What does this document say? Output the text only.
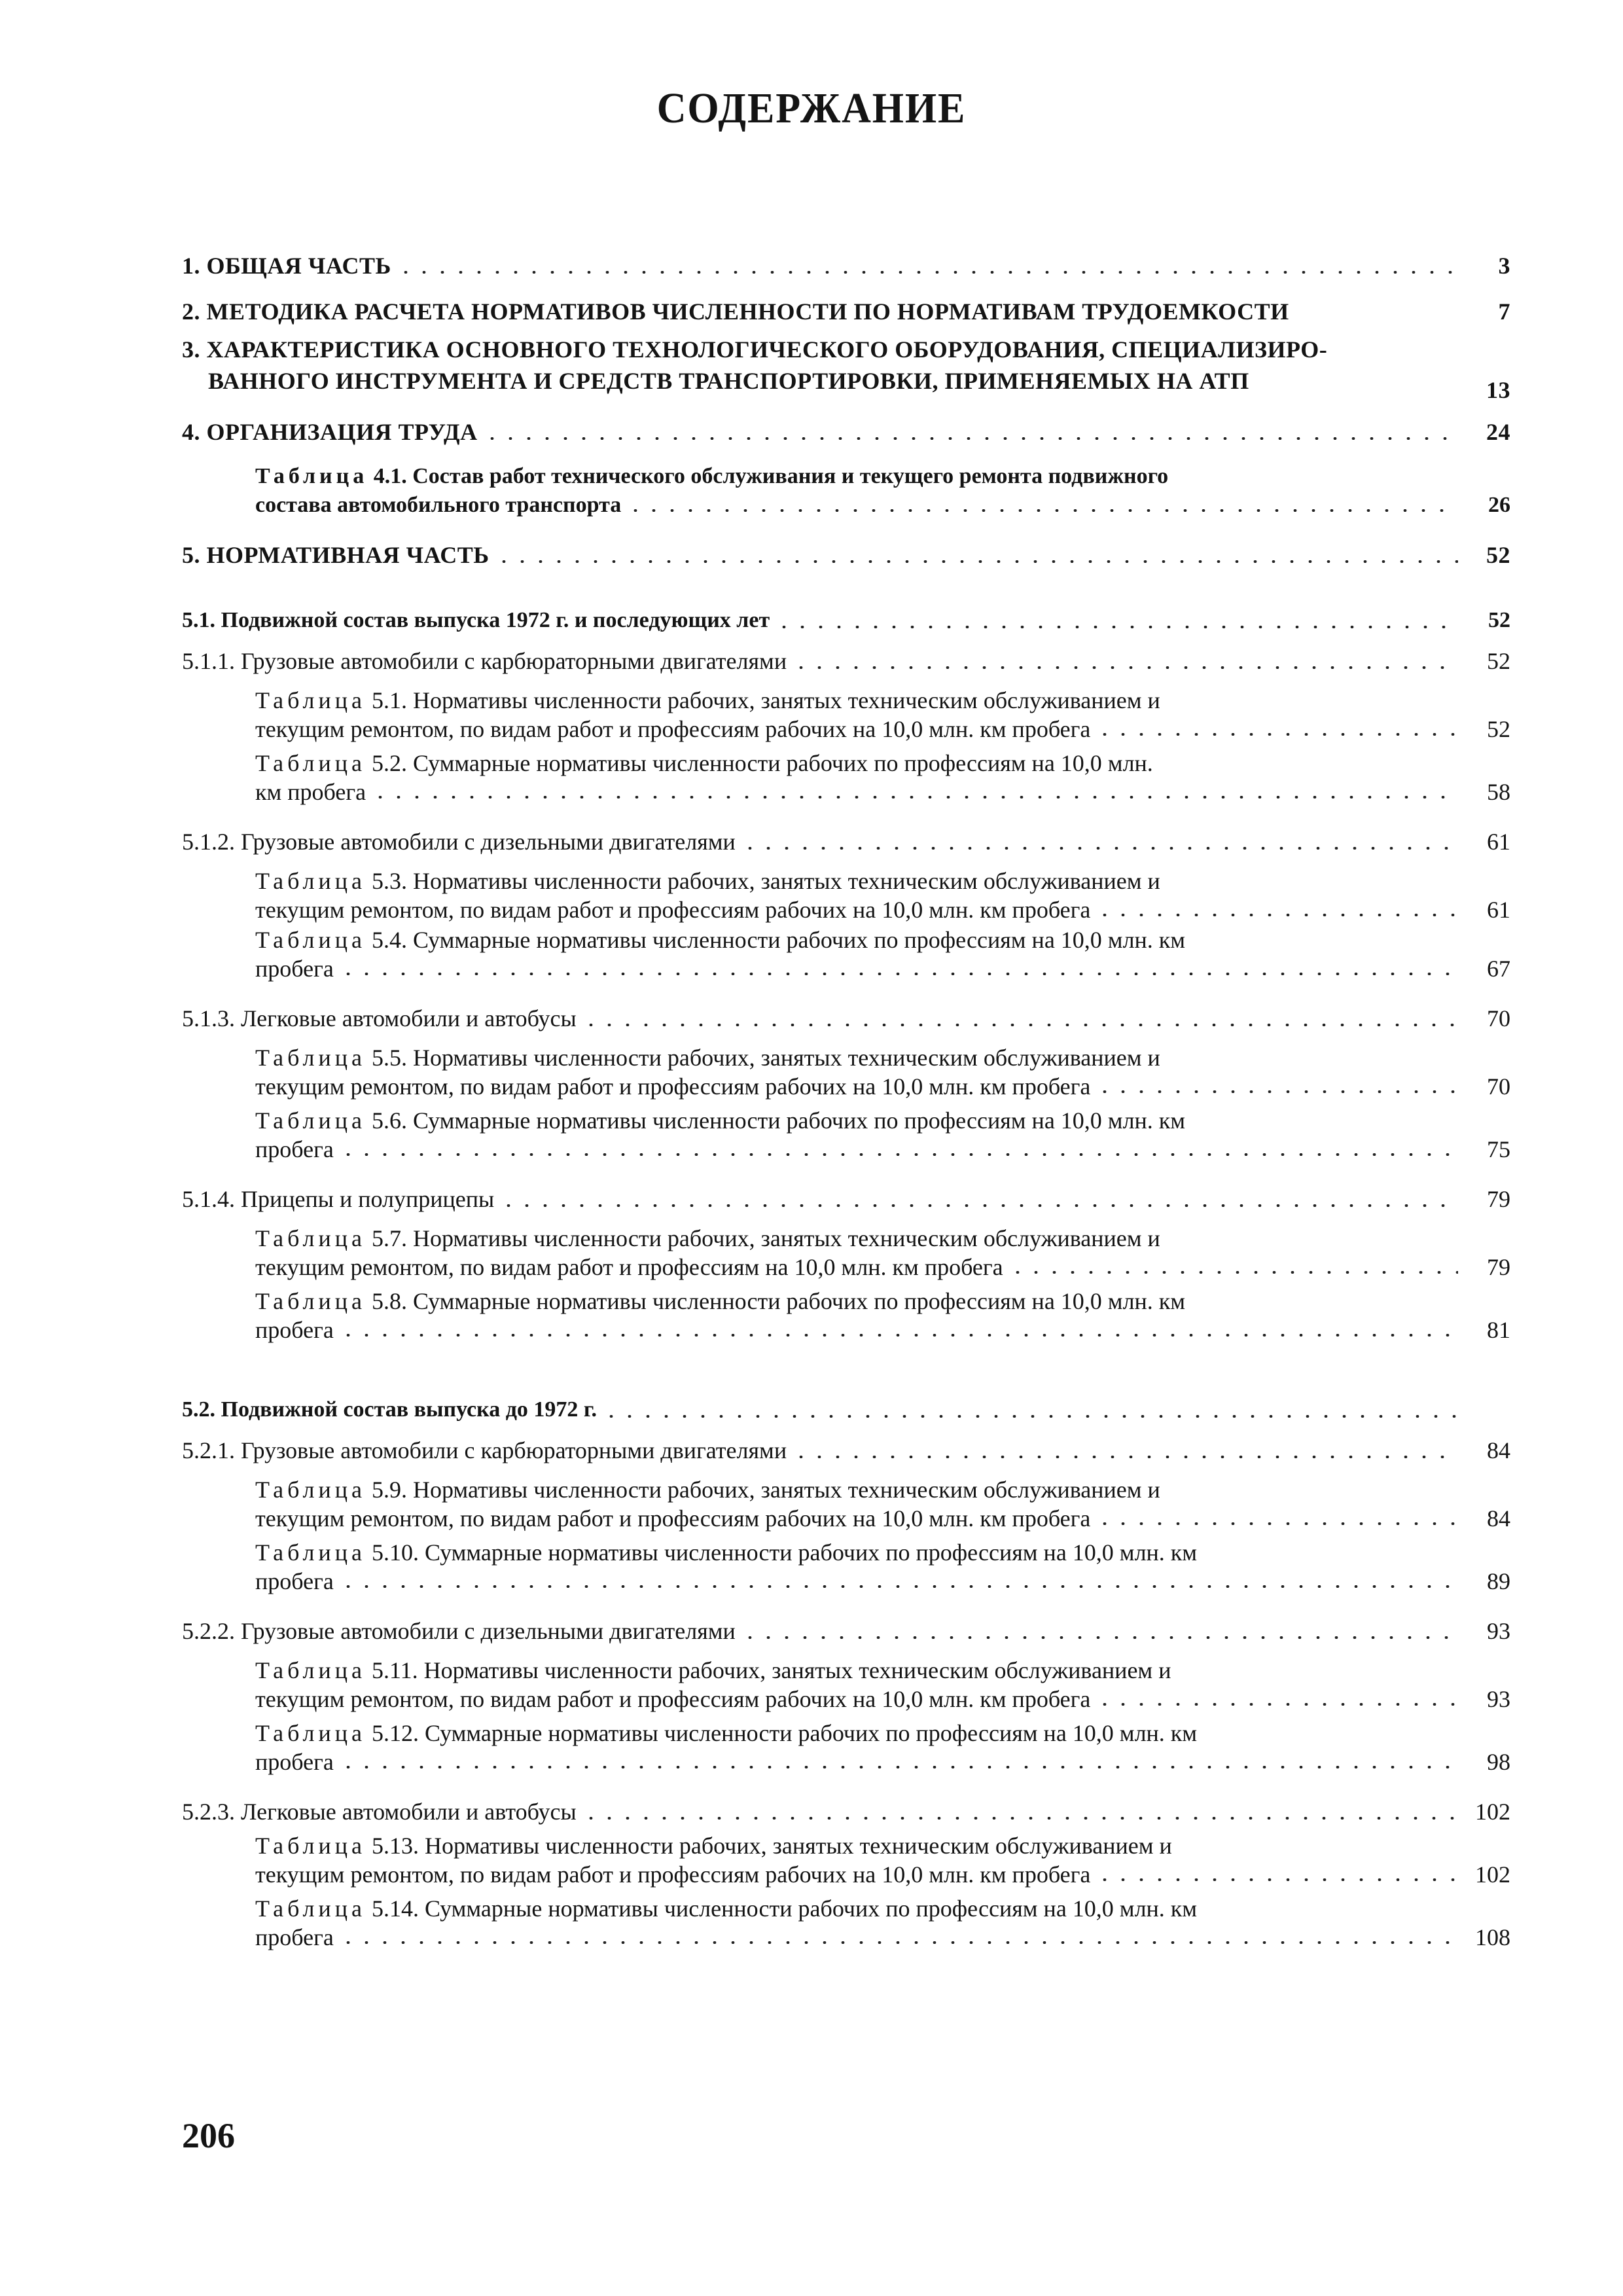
СОДЕРЖАНИЕ
1. ОБЩАЯ ЧАСТЬ	3
2. МЕТОДИКА РАСЧЕТА НОРМАТИВОВ ЧИСЛЕННОСТИ ПО НОРМАТИВАМ ТРУДОЕМКОСТИ	7
3. ХАРАКТЕРИСТИКА ОСНОВНОГО ТЕХНОЛОГИЧЕСКОГО ОБОРУДОВАНИЯ, СПЕЦИАЛИЗИРО-
ВАННОГО ИНСТРУМЕНТА И СРЕДСТВ ТРАНСПОРТИРОВКИ, ПРИМЕНЯЕМЫХ НА АТП	13
4. ОРГАНИЗАЦИЯ ТРУДА	24
Таблица
4.1. Состав работ технического обслуживания и текущего ремонта подвижного
состава автомобильного транспорта	26
5. НОРМАТИВНАЯ ЧАСТЬ	52
5.1. Подвижной состав выпуска 1972 г. и последующих лет	52
5.1.1. Грузовые автомобили с карбюраторными двигателями	52
Таблица
5.1. Нормативы численности рабочих, занятых техническим обслуживанием и
текущим ремонтом, по видам работ и профессиям рабочих на 10,0 млн. км пробега	52
Таблица
5.2. Суммарные нормативы численности рабочих по профессиям на 10,0 млн.
км пробега	58
5.1.2. Грузовые автомобили с дизельными двигателями	61
Таблица
5.3. Нормативы численности рабочих, занятых техническим обслуживанием и
текущим ремонтом, по видам работ и профессиям рабочих на 10,0 млн. км пробега	61
Таблица
5.4. Суммарные нормативы численности рабочих по профессиям на 10,0 млн. км
пробега	67
5.1.3. Легковые автомобили и автобусы	70
Таблица
5.5. Нормативы численности рабочих, занятых техническим обслуживанием и
текущим ремонтом, по видам работ и профессиям рабочих на 10,0 млн. км пробега	70
Таблица
5.6. Суммарные нормативы численности рабочих по профессиям на 10,0 млн. км
пробега	75
5.1.4. Прицепы и полуприцепы	79
Таблица
5.7. Нормативы численности рабочих, занятых техническим обслуживанием и
текущим ремонтом, по видам работ и профессиям на 10,0 млн. км пробега	79
Таблица
5.8. Суммарные нормативы численности рабочих по профессиям на 10,0 млн. км
пробега	81
5.2. Подвижной состав выпуска до 1972 г.
5.2.1. Грузовые автомобили с карбюраторными двигателями	84
Таблица
5.9. Нормативы численности рабочих, занятых техническим обслуживанием и
текущим ремонтом, по видам работ и профессиям рабочих на 10,0 млн. км пробега	84
Таблица
5.10. Суммарные нормативы численности рабочих по профессиям на 10,0 млн. км
пробега	89
5.2.2. Грузовые автомобили с дизельными двигателями	93
Таблица
5.11. Нормативы численности рабочих, занятых техническим обслуживанием и
текущим ремонтом, по видам работ и профессиям рабочих на 10,0 млн. км пробега	93
Таблица
5.12. Суммарные нормативы численности рабочих по профессиям на 10,0 млн. км
пробега	98
5.2.3. Легковые автомобили и автобусы	102
Таблица
5.13. Нормативы численности рабочих, занятых техническим обслуживанием и
текущим ремонтом, по видам работ и профессиям рабочих на 10,0 млн. км пробега	102
Таблица
5.14. Суммарные нормативы численности рабочих по профессиям на 10,0 млн. км
пробега	108
206
